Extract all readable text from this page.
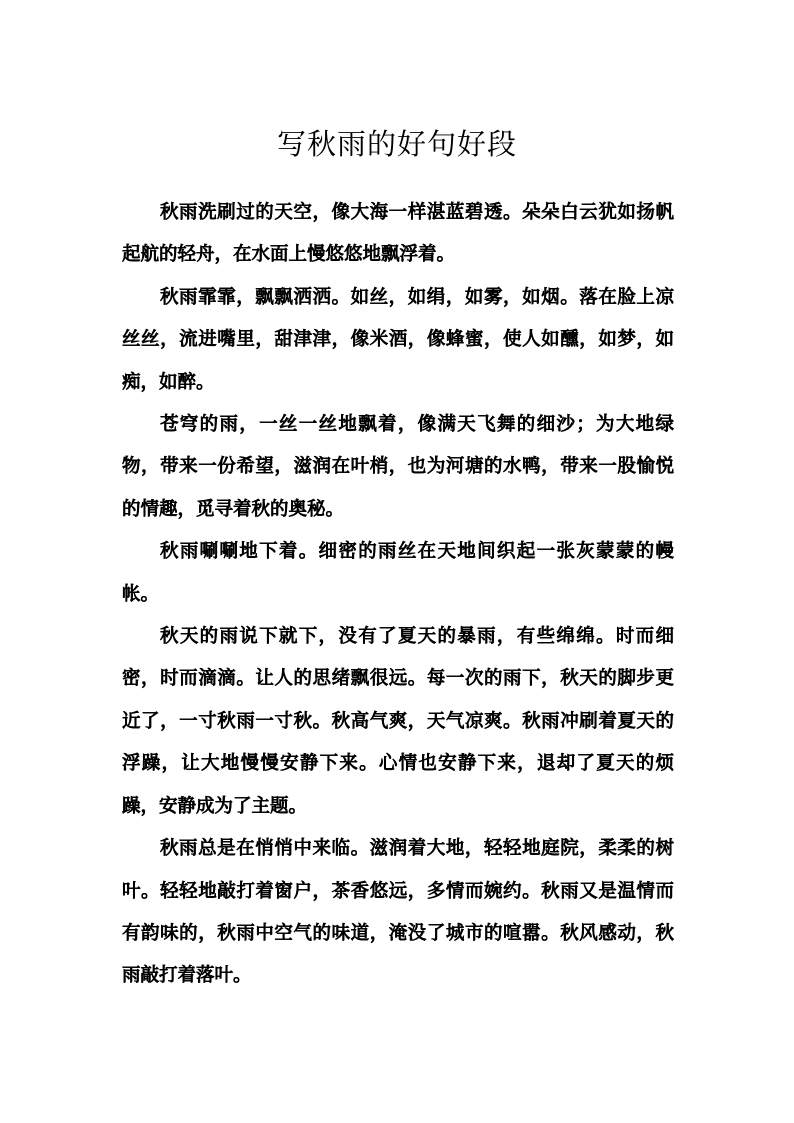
写秋雨的好句好段

秋雨洗刷过的天空，像大海一样湛蓝碧透。朵朵白云犹如扬帆起航的轻舟，在水面上慢悠悠地飘浮着。

秋雨霏霏，飘飘洒洒。如丝，如绢，如雾，如烟。落在脸上凉丝丝，流进嘴里，甜津津，像米酒，像蜂蜜，使人如醺，如梦，如痴，如醉。

苍穹的雨，一丝一丝地飘着，像满天飞舞的细沙；为大地绿物，带来一份希望，滋润在叶梢，也为河塘的水鸭，带来一股愉悦的情趣，觅寻着秋的奥秘。

秋雨唰唰地下着。细密的雨丝在天地间织起一张灰蒙蒙的幔帐。

秋天的雨说下就下，没有了夏天的暴雨，有些绵绵。时而细密，时而滴滴。让人的思绪飘很远。每一次的雨下，秋天的脚步更近了，一寸秋雨一寸秋。秋高气爽，天气凉爽。秋雨冲刷着夏天的浮躁，让大地慢慢安静下来。心情也安静下来，退却了夏天的烦躁，安静成为了主题。

秋雨总是在悄悄中来临。滋润着大地，轻轻地庭院，柔柔的树叶。轻轻地敲打着窗户，茶香悠远，多情而婉约。秋雨又是温情而有韵味的，秋雨中空气的味道，淹没了城市的喧嚣。秋风感动，秋雨敲打着落叶。
